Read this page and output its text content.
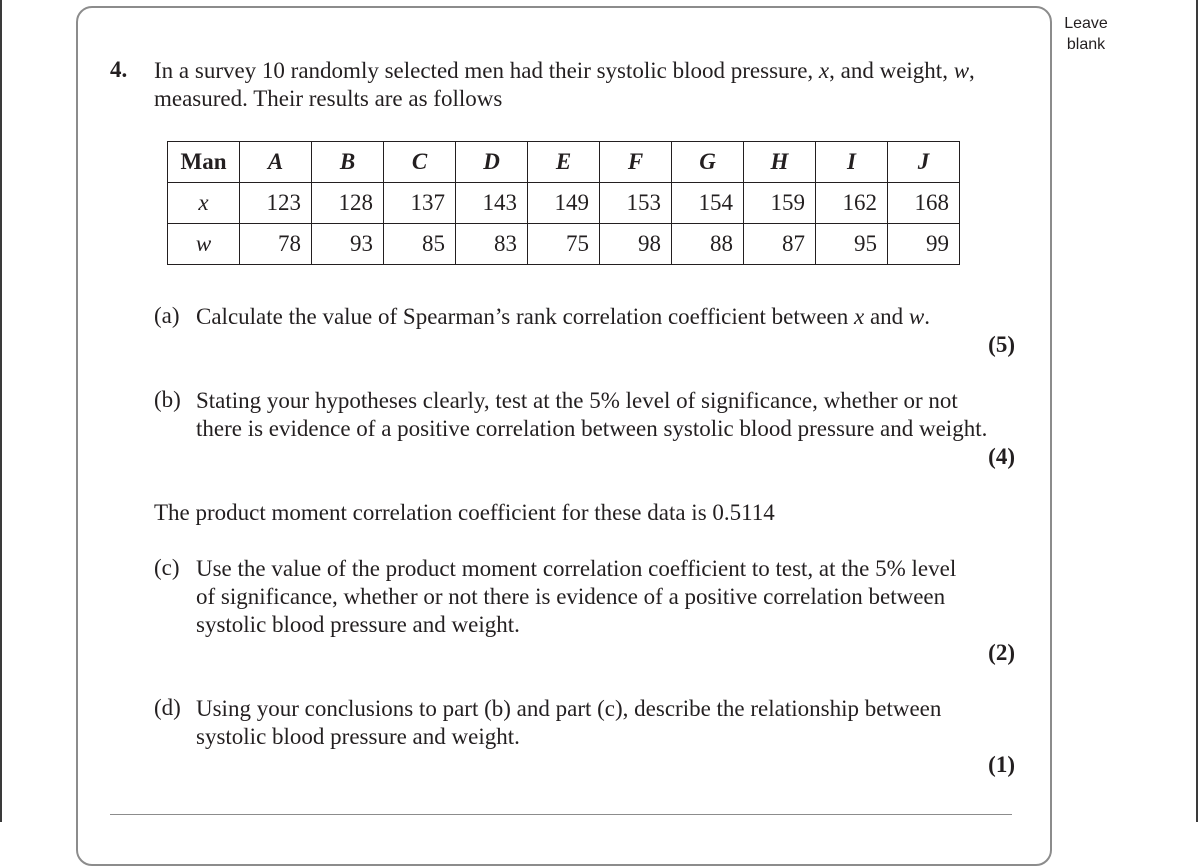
Leave
blank
4. In a survey 10 randomly selected men had their systolic blood pressure, x, and weight, w,
measured. Their results are as follows
Man	A	B	C	D	E	F	G	H	I	J
x	123	128	137	143	149	153	154	159	162	168
w	78	93	85	83	75	98	88	87	95	99
(a) Calculate the value of Spearman’s rank correlation coefficient between x and w.
(5)
(b) Stating your hypotheses clearly, test at the 5% level of significance, whether or not
there is evidence of a positive correlation between systolic blood pressure and weight.
(4)
The product moment correlation coefficient for these data is 0.5114
(c) Use the value of the product moment correlation coefficient to test, at the 5% level
of significance, whether or not there is evidence of a positive correlation between
systolic blood pressure and weight.
(2)
(d) Using your conclusions to part (b) and part (c), describe the relationship between
systolic blood pressure and weight.
(1)
